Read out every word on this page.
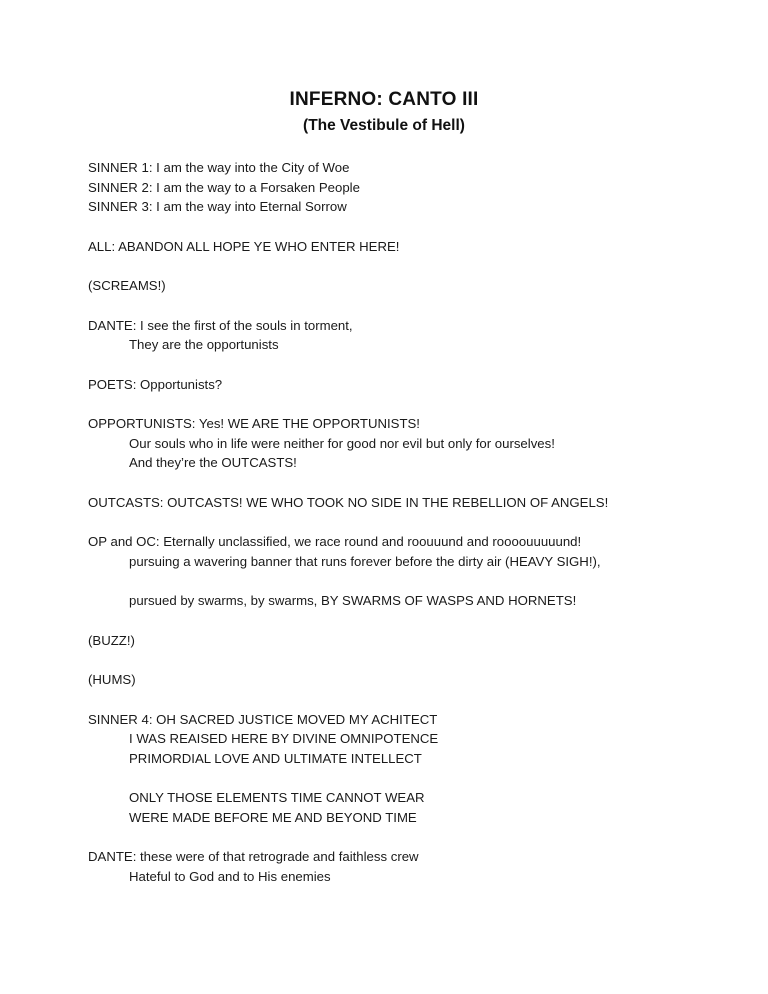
INFERNO: CANTO III
(The Vestibule of Hell)
SINNER 1: I am the way into the City of Woe
SINNER 2: I am the way to a Forsaken People
SINNER 3: I am the way into Eternal Sorrow
ALL: ABANDON ALL HOPE YE WHO ENTER HERE!
(SCREAMS!)
DANTE: I see the first of the souls in torment,
They are the opportunists
POETS: Opportunists?
OPPORTUNISTS: Yes! WE ARE THE OPPORTUNISTS!
Our souls who in life were neither for good nor evil but only for ourselves!
And they’re the OUTCASTS!
OUTCASTS: OUTCASTS! WE WHO TOOK NO SIDE IN THE REBELLION OF ANGELS!
OP and OC: Eternally unclassified, we race round and roouuund and roooouuuuund!
pursuing a wavering banner that runs forever before the dirty air (HEAVY SIGH!),
pursued by swarms, by swarms, BY SWARMS OF WASPS AND HORNETS!
(BUZZ!)
(HUMS)
SINNER 4: OH SACRED JUSTICE MOVED MY ACHITECT
I WAS REAISED HERE BY DIVINE OMNIPOTENCE
PRIMORDIAL LOVE AND ULTIMATE INTELLECT
ONLY THOSE ELEMENTS TIME CANNOT WEAR
WERE MADE BEFORE ME AND BEYOND TIME
DANTE: these were of that retrograde and faithless crew
Hateful to God and to His enemies
